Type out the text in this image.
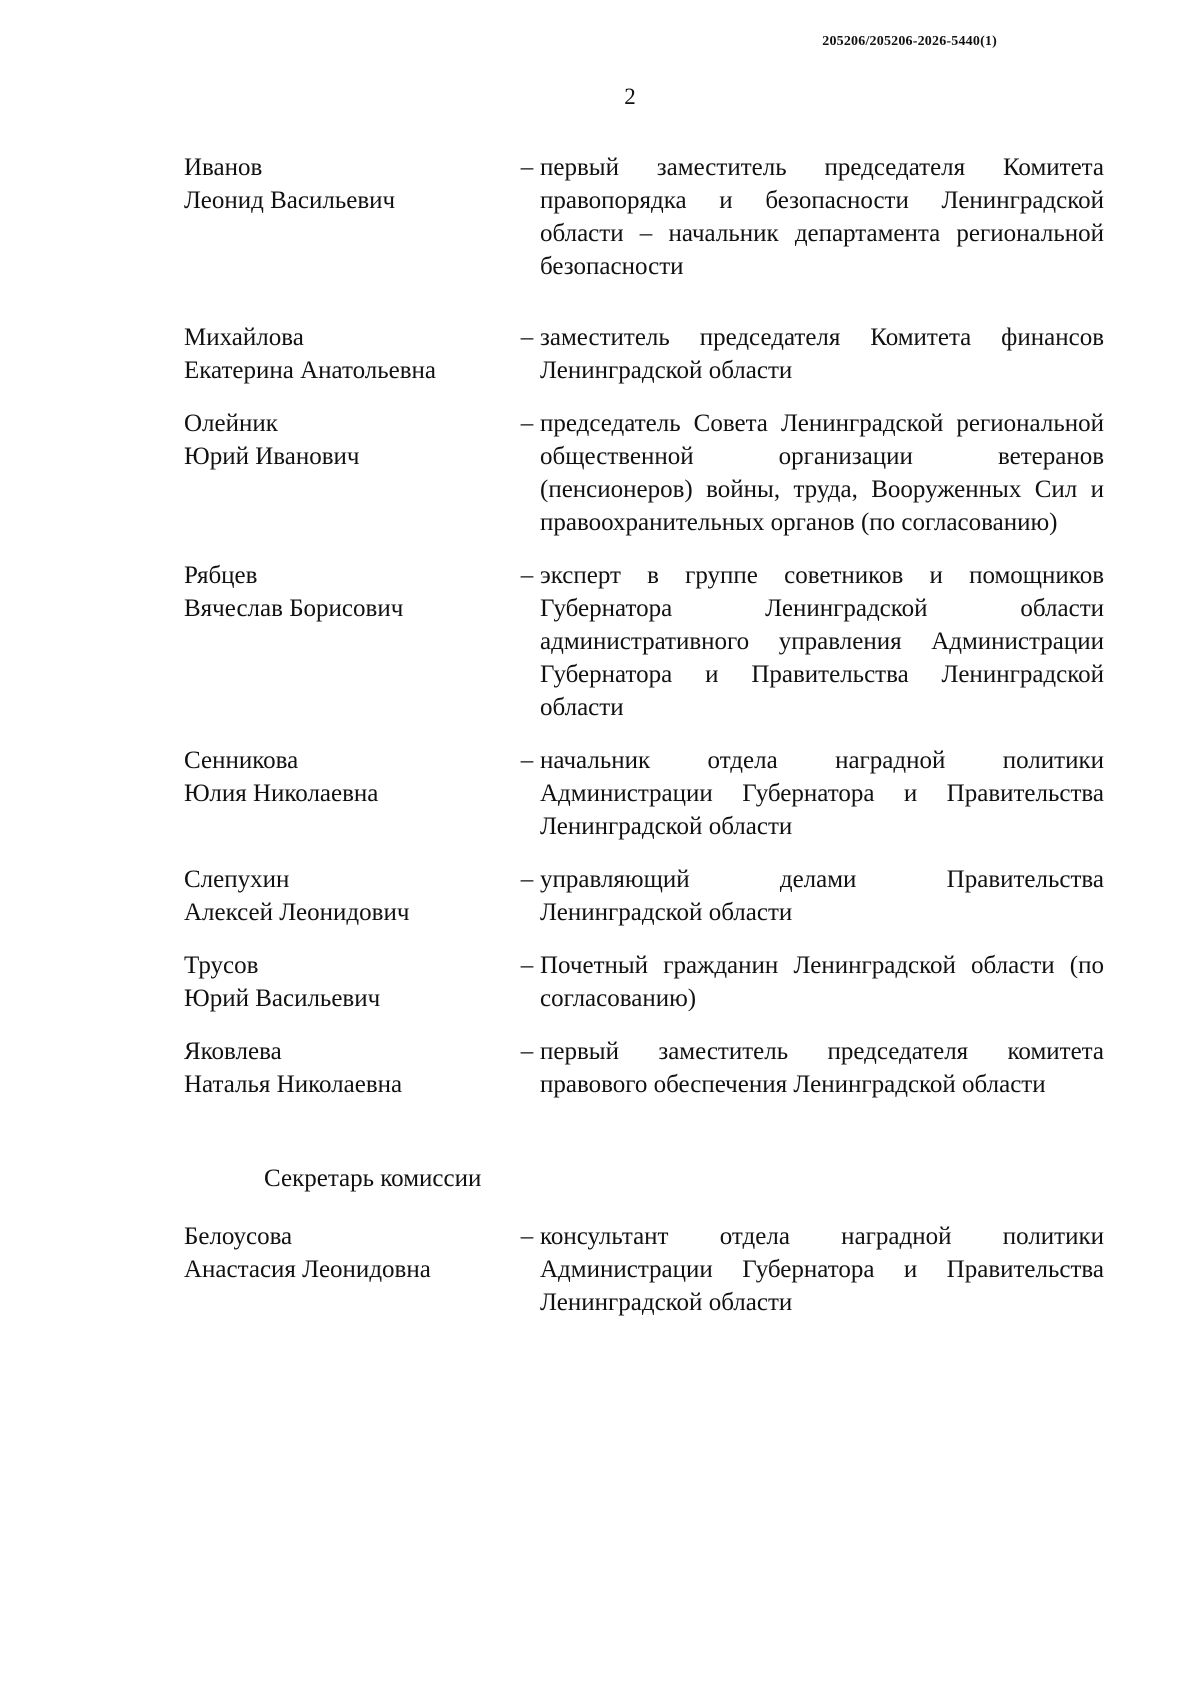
205206/205206-2026-5440(1)
2
Иванов
Леонид Васильевич
– первый заместитель председателя Комитета правопорядка и безопасности Ленинградской области – начальник департамента региональной безопасности
Михайлова
Екатерина Анатольевна
– заместитель председателя Комитета финансов Ленинградской области
Олейник
Юрий Иванович
– председатель Совета Ленинградской региональной общественной организации ветеранов (пенсионеров) войны, труда, Вооруженных Сил и правоохранительных органов (по согласованию)
Рябцев
Вячеслав Борисович
– эксперт в группе советников и помощников Губернатора Ленинградской области административного управления Администрации Губернатора и Правительства Ленинградской области
Сенникова
Юлия Николаевна
– начальник отдела наградной политики Администрации Губернатора и Правительства Ленинградской области
Слепухин
Алексей Леонидович
– управляющий делами Правительства Ленинградской области
Трусов
Юрий Васильевич
– Почетный гражданин Ленинградской области (по согласованию)
Яковлева
Наталья Николаевна
– первый заместитель председателя комитета правового обеспечения Ленинградской области
Секретарь комиссии
Белоусова
Анастасия Леонидовна
– консультант отдела наградной политики Администрации Губернатора и Правительства Ленинградской области
